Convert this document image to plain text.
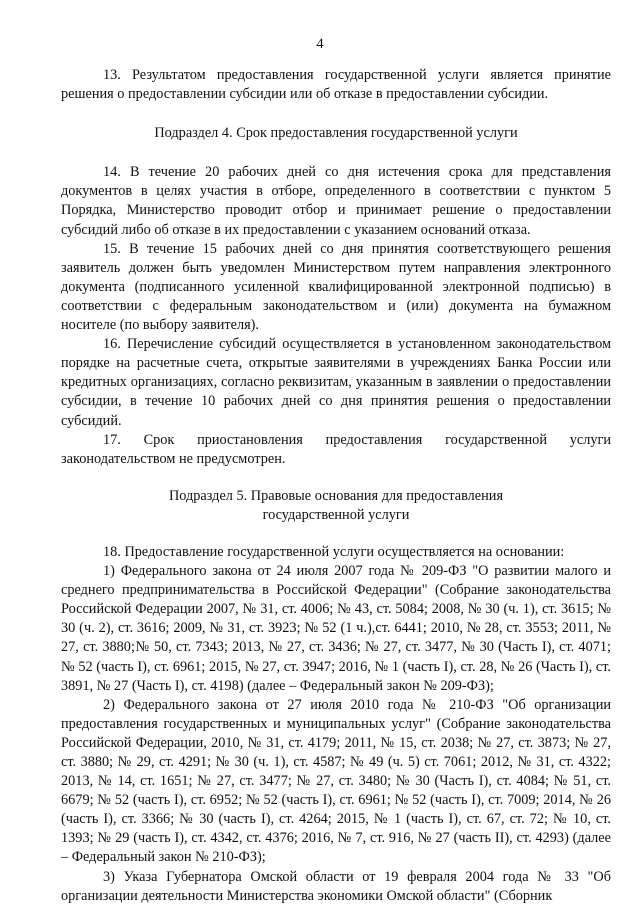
4

13. Результатом предоставления государственной услуги является принятие решения о предоставлении субсидии или об отказе в предоставлении субсидии.

Подраздел 4. Срок предоставления государственной услуги

14. В течение 20 рабочих дней со дня истечения срока для представления документов в целях участия в отборе, определенного в соответствии с пунктом 5 Порядка, Министерство проводит отбор и принимает решение о предоставлении субсидий либо об отказе в их предоставлении с указанием оснований отказа.

15. В течение 15 рабочих дней со дня принятия соответствующего решения заявитель должен быть уведомлен Министерством путем направления электронного документа (подписанного усиленной квалифицированной электронной подписью) в соответствии с федеральным законодательством и (или) документа на бумажном носителе (по выбору заявителя).

16. Перечисление субсидий осуществляется в установленном законодательством порядке на расчетные счета, открытые заявителями в учреждениях Банка России или кредитных организациях, согласно реквизитам, указанным в заявлении о предоставлении субсидии, в течение 10 рабочих дней со дня принятия решения о предоставлении субсидий.

17. Срок приостановления предоставления государственной услуги законодательством не предусмотрен.

Подраздел 5. Правовые основания для предоставления

государственной услуги

18. Предоставление государственной услуги осуществляется на основании:

1) Федерального закона от 24 июля 2007 года № 209-ФЗ "О развитии малого и среднего предпринимательства в Российской Федерации" (Собрание законодательства Российской Федерации 2007, № 31, ст. 4006; № 43, ст. 5084; 2008, № 30 (ч. 1), ст. 3615; № 30 (ч. 2), ст. 3616; 2009, № 31, ст. 3923; № 52 (1 ч.),ст. 6441; 2010, № 28, ст. 3553; 2011, № 27, ст. 3880;№ 50, ст. 7343; 2013, № 27, ст. 3436; № 27, ст. 3477, № 30 (Часть I), ст. 4071; № 52 (часть I), ст. 6961; 2015, № 27, ст. 3947; 2016, № 1 (часть I), ст. 28, № 26 (Часть I), ст. 3891, № 27 (Часть I), ст. 4198) (далее – Федеральный закон № 209-ФЗ);

2) Федерального закона от 27 июля 2010 года № 210-ФЗ "Об организации предоставления государственных и муниципальных услуг" (Собрание законодательства Российской Федерации, 2010, № 31, ст. 4179; 2011, № 15, ст. 2038; № 27, ст. 3873; № 27, ст. 3880; № 29, ст. 4291; № 30 (ч. 1), ст. 4587; № 49 (ч. 5) ст. 7061; 2012, № 31, ст. 4322; 2013, № 14, ст. 1651; № 27, ст. 3477; № 27, ст. 3480; № 30 (Часть I), ст. 4084; № 51, ст. 6679; № 52 (часть I), ст. 6952; № 52 (часть I), ст. 6961; № 52 (часть I), ст. 7009; 2014, № 26 (часть I), ст. 3366; № 30 (часть I), ст. 4264; 2015, № 1 (часть I), ст. 67, ст. 72; № 10, ст. 1393; № 29 (часть I), ст. 4342, ст. 4376; 2016, № 7, ст. 916, № 27 (часть II), ст. 4293) (далее – Федеральный закон № 210-ФЗ);

3) Указа Губернатора Омской области от 19 февраля 2004 года № 33 "Об организации деятельности Министерства экономики Омской области" (Сборник
